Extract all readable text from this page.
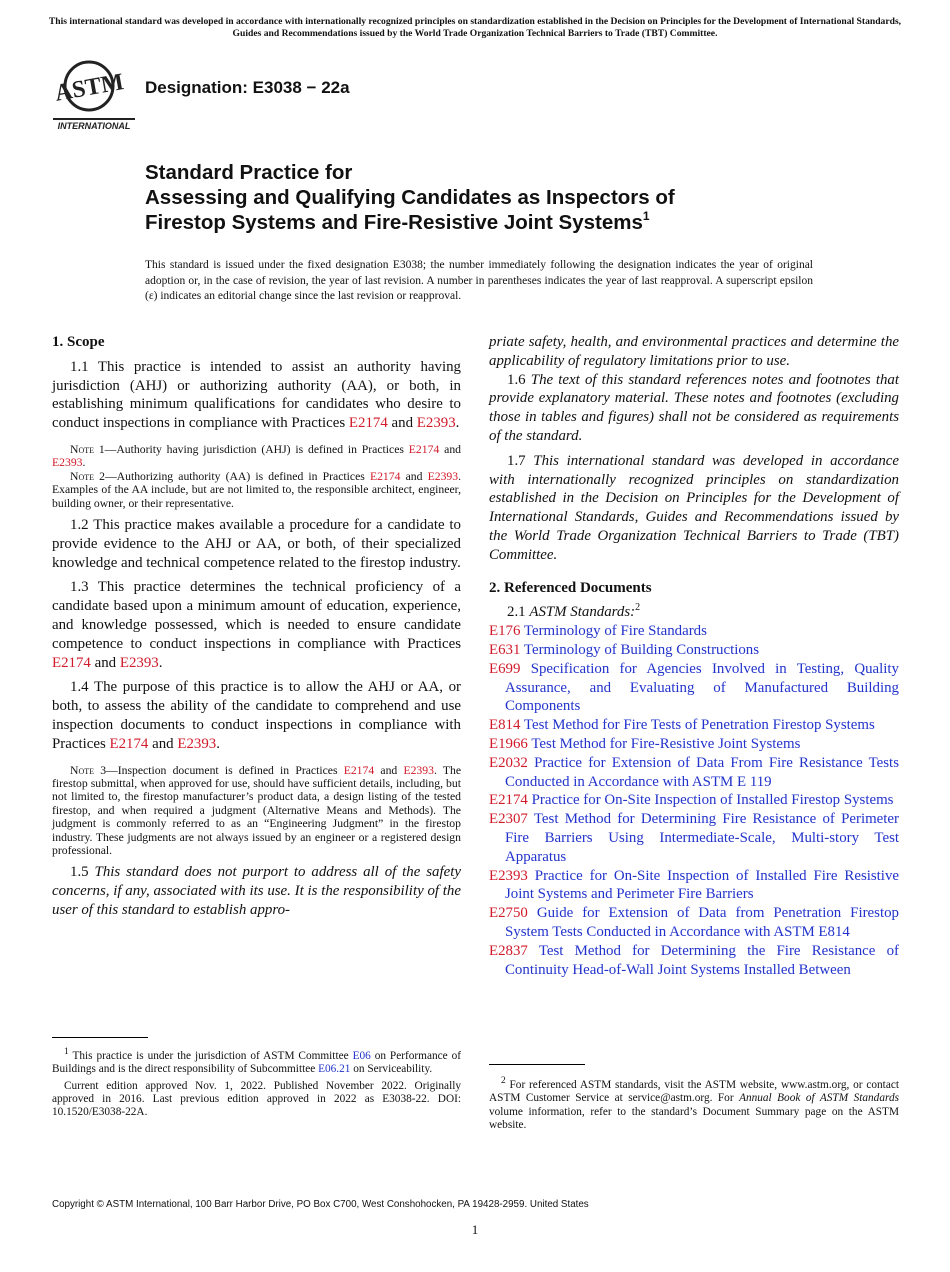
This international standard was developed in accordance with internationally recognized principles on standardization established in the Decision on Principles for the Development of International Standards, Guides and Recommendations issued by the World Trade Organization Technical Barriers to Trade (TBT) Committee.
ASTM
INTERNATIONAL
Designation: E3038 − 22a
Standard Practice for
Assessing and Qualifying Candidates as Inspectors of
Firestop Systems and Fire-Resistive Joint Systems$^1$
This standard is issued under the fixed designation E3038; the number immediately following the designation indicates the year of original adoption or, in the case of revision, the year of last revision. A number in parentheses indicates the year of last reapproval. A superscript epsilon (ε) indicates an editorial change since the last revision or reapproval.
1. Scope

1.1 This practice is intended to assist an authority having jurisdiction (AHJ) or authorizing authority (AA), or both, in establishing minimum qualifications for candidates who desire to conduct inspections in compliance with Practices E2174 and E2393.

Note 1—Authority having jurisdiction (AHJ) is defined in Practices E2174 and E2393.

Note 2—Authorizing authority (AA) is defined in Practices E2174 and E2393. Examples of the AA include, but are not limited to, the responsible architect, engineer, building owner, or their representative.

1.2 This practice makes available a procedure for a candidate to provide evidence to the AHJ or AA, or both, of their specialized knowledge and technical competence related to the firestop industry.

1.3 This practice determines the technical proficiency of a candidate based upon a minimum amount of education, experience, and knowledge possessed, which is needed to ensure candidate competence to conduct inspections in compliance with Practices E2174 and E2393.

1.4 The purpose of this practice is to allow the AHJ or AA, or both, to assess the ability of the candidate to comprehend and use inspection documents to conduct inspections in compliance with Practices E2174 and E2393.

Note 3—Inspection document is defined in Practices E2174 and E2393. The firestop submittal, when approved for use, should have sufficient details, including, but not limited to, the firestop manufacturer’s product data, a design listing of the tested firestop, and when required a judgment (Alternative Means and Methods). The judgment is commonly referred to as an “Engineering Judgment” in the firestop industry. These judgments are not always issued by an engineer or a registered design professional.

1.5 This standard does not purport to address all of the safety concerns, if any, associated with its use. It is the responsibility of the user of this standard to establish appro-

$^1$ This practice is under the jurisdiction of ASTM Committee E06 on Performance of Buildings and is the direct responsibility of Subcommittee E06.21 on Serviceability.

Current edition approved Nov. 1, 2022. Published November 2022. Originally approved in 2016. Last previous edition approved in 2022 as E3038-22. DOI: 10.1520/E3038-22A.

priate safety, health, and environmental practices and determine the applicability of regulatory limitations prior to use.

1.6 The text of this standard references notes and footnotes that provide explanatory material. These notes and footnotes (excluding those in tables and figures) shall not be considered as requirements of the standard.

1.7 This international standard was developed in accordance with internationally recognized principles on standardization established in the Decision on Principles for the Development of International Standards, Guides and Recommendations issued by the World Trade Organization Technical Barriers to Trade (TBT) Committee.

2. Referenced Documents

2.1 ASTM Standards:$^2$

E176 Terminology of Fire Standards

E631 Terminology of Building Constructions

E699 Specification for Agencies Involved in Testing, Quality Assurance, and Evaluating of Manufactured Building Components

E814 Test Method for Fire Tests of Penetration Firestop Systems

E1966 Test Method for Fire-Resistive Joint Systems

E2032 Practice for Extension of Data From Fire Resistance Tests Conducted in Accordance with ASTM E 119

E2174 Practice for On-Site Inspection of Installed Firestop Systems

E2307 Test Method for Determining Fire Resistance of Perimeter Fire Barriers Using Intermediate-Scale, Multi-story Test Apparatus

E2393 Practice for On-Site Inspection of Installed Fire Resistive Joint Systems and Perimeter Fire Barriers

E2750 Guide for Extension of Data from Penetration Firestop System Tests Conducted in Accordance with ASTM E814

E2837 Test Method for Determining the Fire Resistance of Continuity Head-of-Wall Joint Systems Installed Between

$^2$ For referenced ASTM standards, visit the ASTM website, www.astm.org, or contact ASTM Customer Service at service@astm.org. For Annual Book of ASTM Standards volume information, refer to the standard’s Document Summary page on the ASTM website.

Copyright © ASTM International, 100 Barr Harbor Drive, PO Box C700, West Conshohocken, PA 19428-2959. United States
1
